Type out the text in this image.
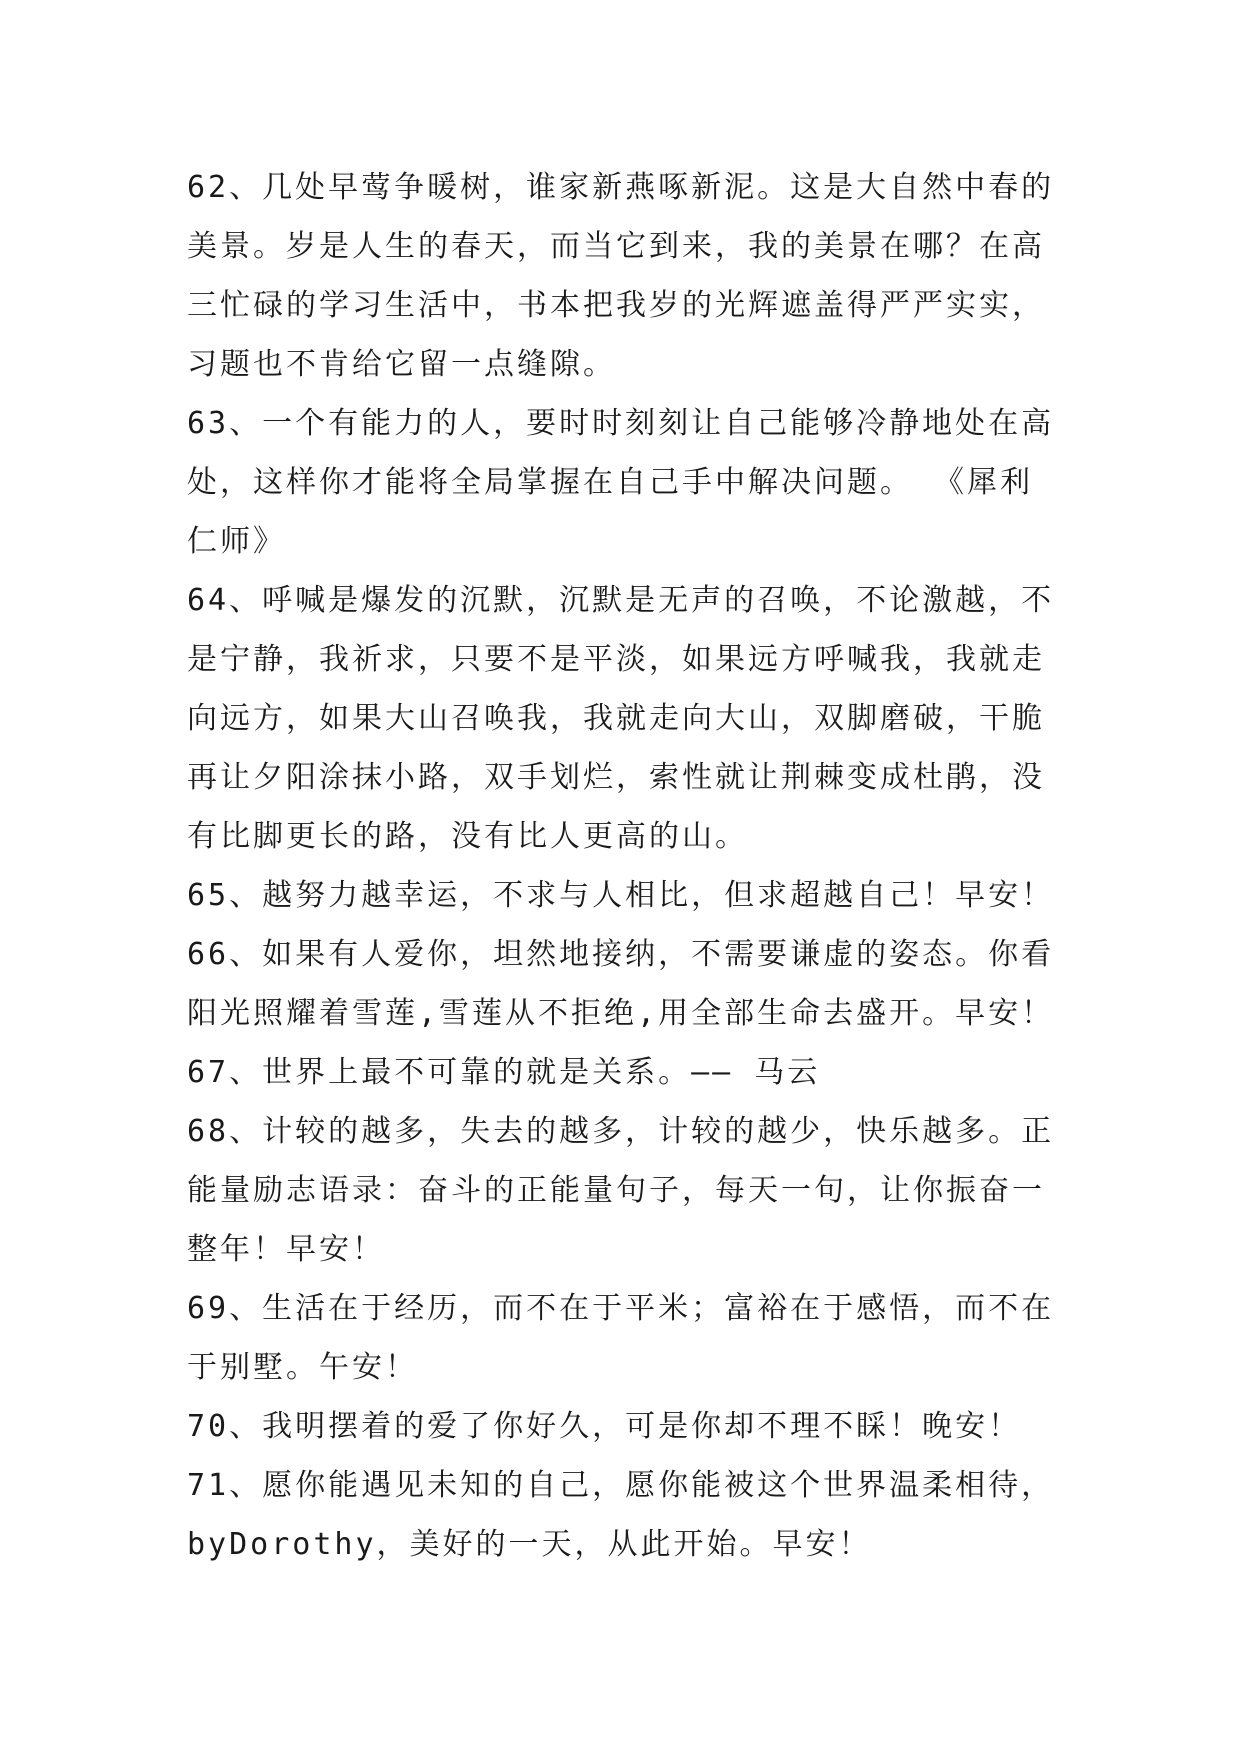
62、几处早莺争暖树，谁家新燕啄新泥。这是大自然中春的
美景。岁是人生的春天，而当它到来，我的美景在哪？在高
三忙碌的学习生活中，书本把我岁的光辉遮盖得严严实实，
习题也不肯给它留一点缝隙。
63、一个有能力的人，要时时刻刻让自己能够冷静地处在高
处，这样你才能将全局掌握在自己手中解决问题。 《犀利
仁师》
64、呼喊是爆发的沉默，沉默是无声的召唤，不论激越，不
是宁静，我祈求，只要不是平淡，如果远方呼喊我，我就走
向远方，如果大山召唤我，我就走向大山，双脚磨破，干脆
再让夕阳涂抹小路，双手划烂，索性就让荆棘变成杜鹃，没
有比脚更长的路，没有比人更高的山。
65、越努力越幸运，不求与人相比，但求超越自己！早安！
66、如果有人爱你，坦然地接纳，不需要谦虚的姿态。你看
阳光照耀着雪莲,雪莲从不拒绝,用全部生命去盛开。早安！
67、世界上最不可靠的就是关系。—— 马云
68、计较的越多，失去的越多，计较的越少，快乐越多。正
能量励志语录：奋斗的正能量句子，每天一句，让你振奋一
整年！早安！
69、生活在于经历，而不在于平米；富裕在于感悟，而不在
于别墅。午安！
70、我明摆着的爱了你好久，可是你却不理不睬！晚安！
71、愿你能遇见未知的自己，愿你能被这个世界温柔相待，
byDorothy，美好的一天，从此开始。早安！
